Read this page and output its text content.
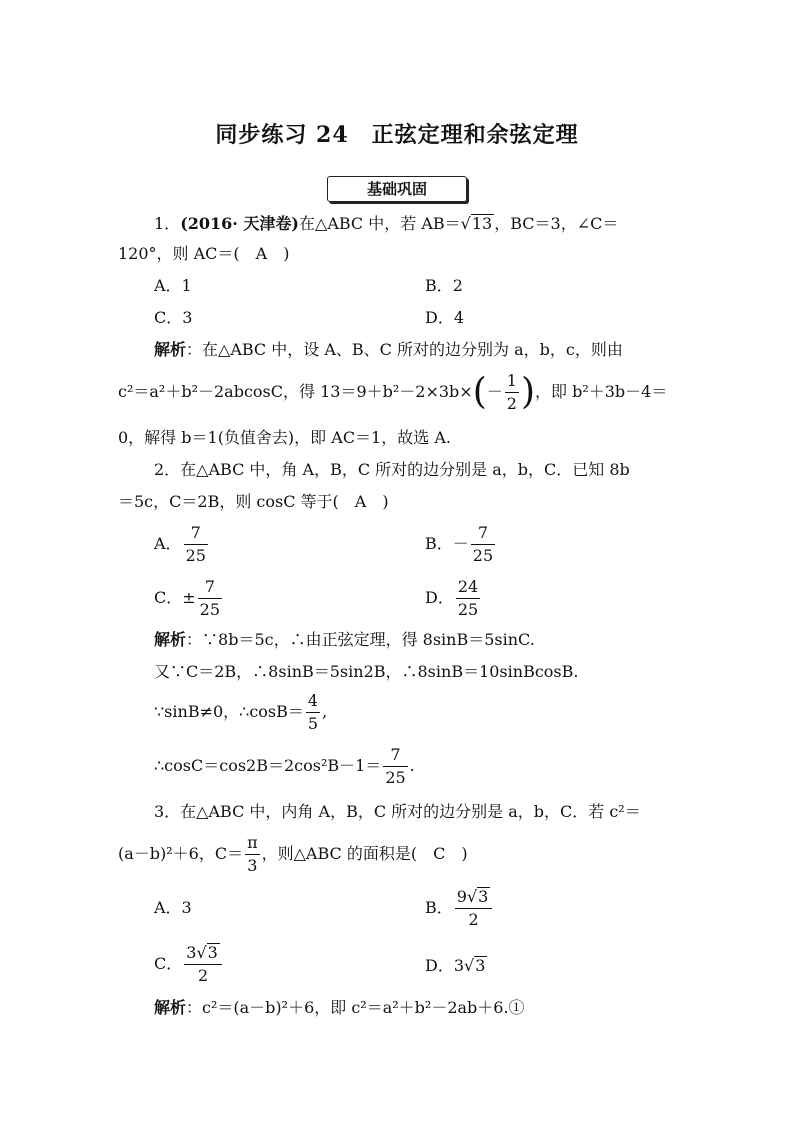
同步练习 24　正弦定理和余弦定理
基础巩固
1．(2016· 天津卷)在△ABC 中，若 AB＝√13 ，BC＝3，∠C＝
120°，则 AC＝(　A　)
A．1	B．2
C．3	D．4
解析：在△ABC 中，设 A、B、C 所对的边分别为 a，b，c，则由
c²＝a²＋b²－2abcosC，得 $13=9+b^2-2\times 3b\times(- \frac{1}{2}$ )，即 b²＋3b－4＝
0，解得 b＝1(负值舍去)，即 AC＝1，故选 A.
2．在△ABC 中，角 A，B，C 所对的边分别是 a，b，C．已知 8b
＝5c，C＝2B，则 cosC 等于(　A　)
A． $\frac{7}{25}$	B．－ $\frac{7}{25}$
C．± $\frac{7}{25}$	D． $\frac{24}{25}$
解析：∵8b＝5c，∴由正弦定理，得 8sinB＝5sinC.
又∵C＝2B，∴8sinB＝5sin2B，∴8sinB＝10sinBcosB.
∵sinB≠0，∴cosB＝ $\frac{4}{5}$ ,
∴cosC＝cos2B＝2cos²B－1＝ $\frac{7}{25}$ .
3．在△ABC 中，内角 A，B，C 所对的边分别是 a，b，C．若 c²＝
(a－b)²＋6，$C= \frac{\pi}{3}$ ，则△ABC 的面积是(　C　)
A．3	B． $\frac{9√3}{2}$
C． $\frac{3√3}{2}$	D．3√3
解析：c²＝(a－b)²＋6，即 c²＝a²＋b²－2ab＋6.①
